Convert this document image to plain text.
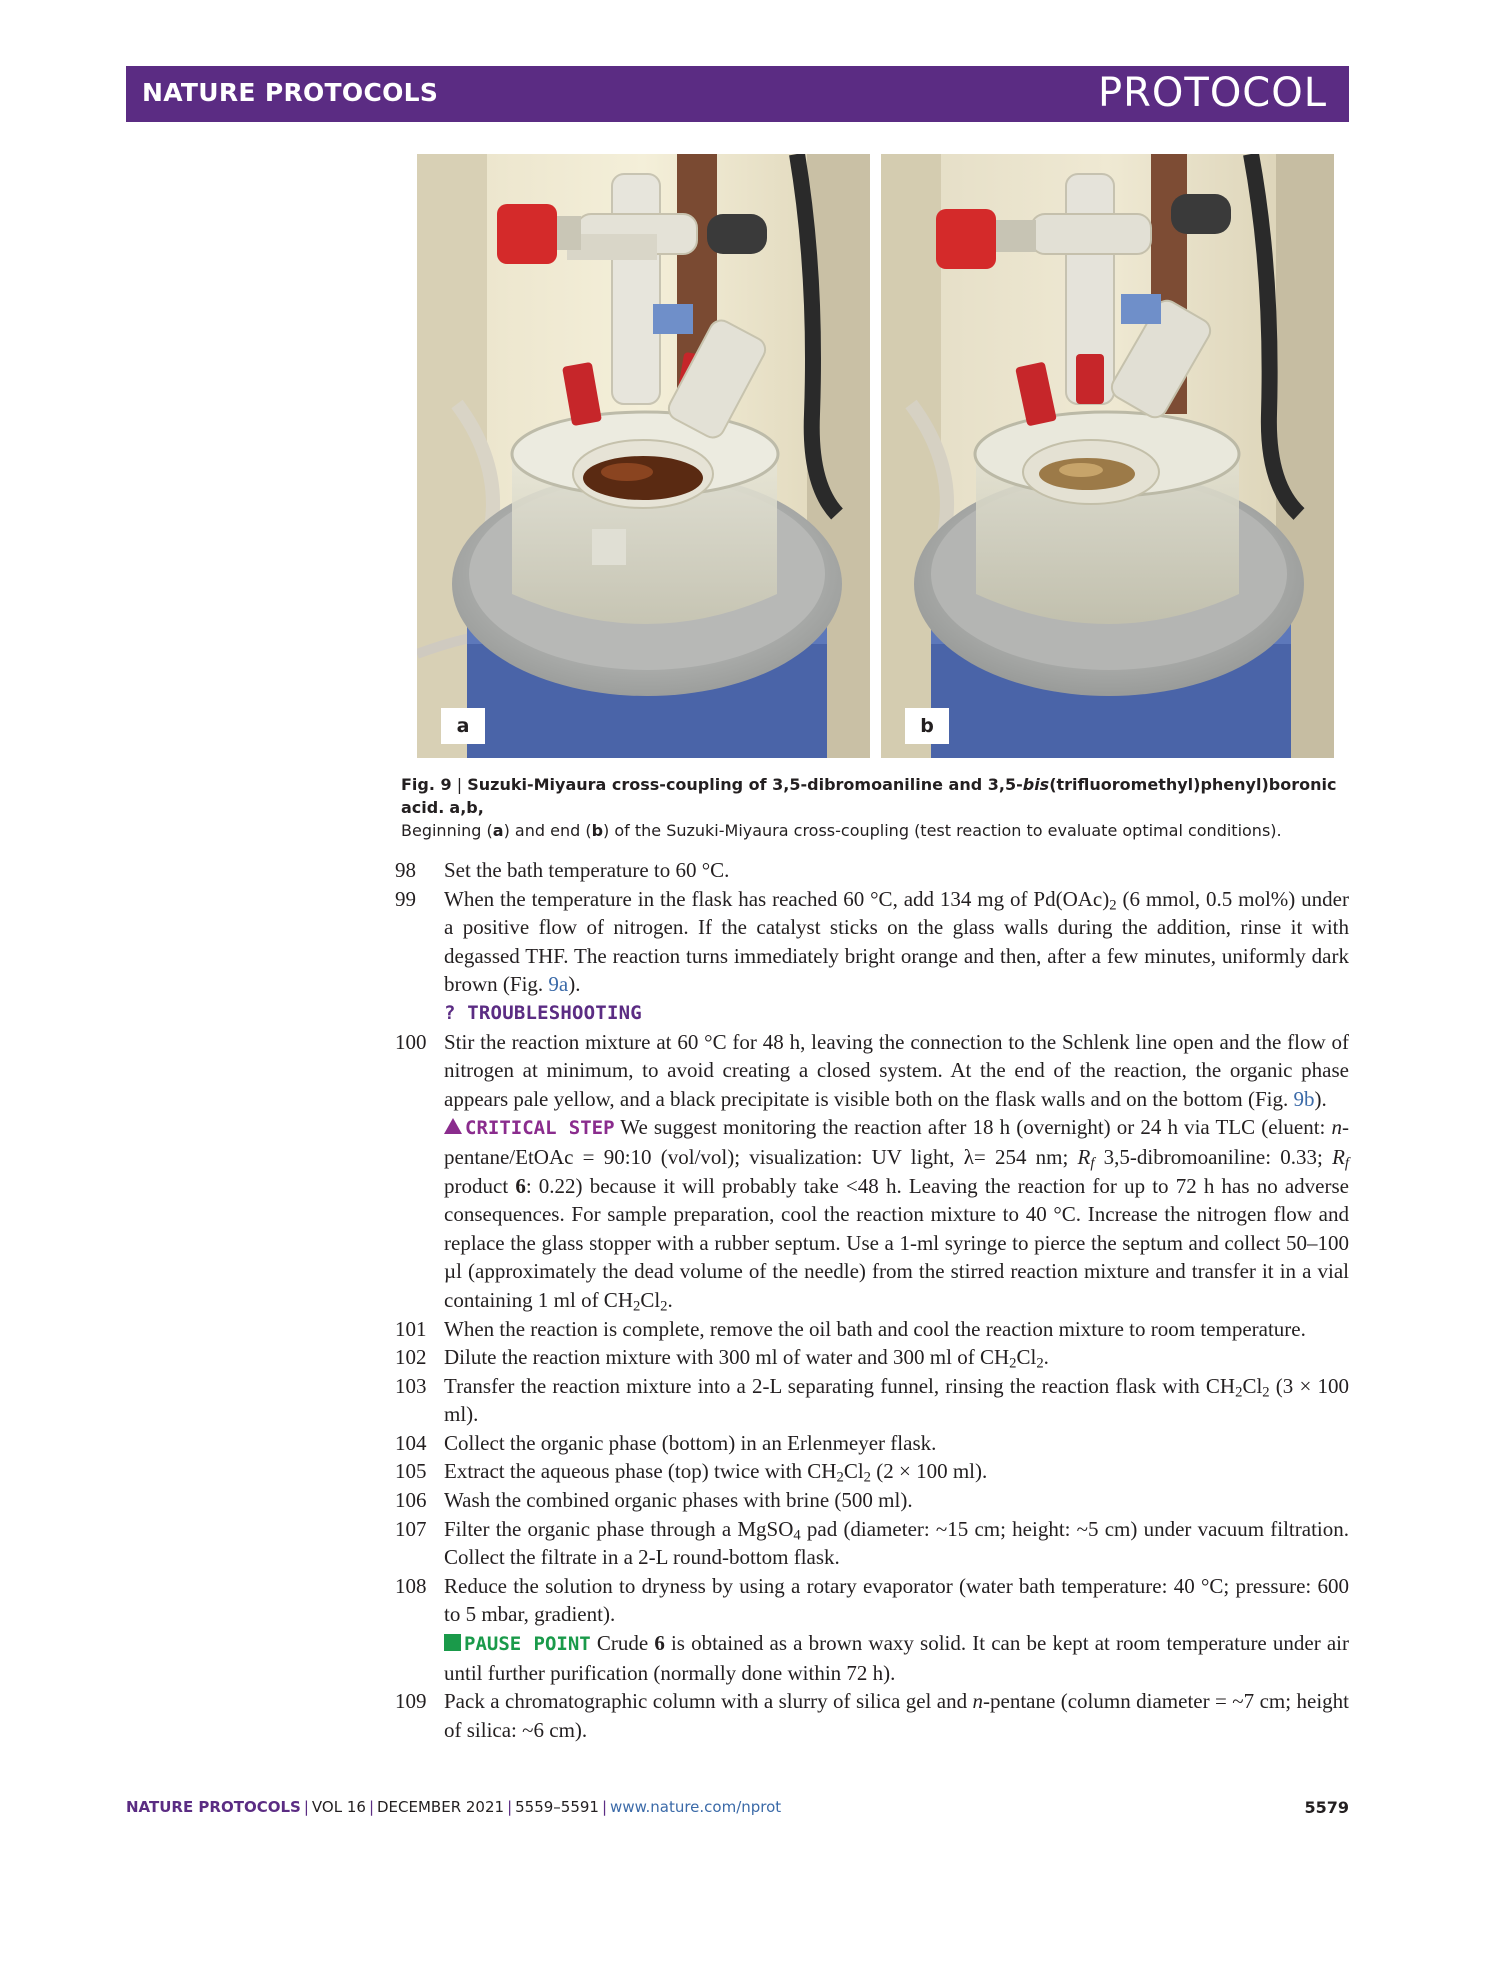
NATURE PROTOCOLS	PROTOCOL
a	b
Fig. 9 | Suzuki-Miyaura cross-coupling of 3,5-dibromoaniline and 3,5-bis(trifluoromethyl)phenyl)boronic acid. a,b,
Beginning (a) and end (b) of the Suzuki-Miyaura cross-coupling (test reaction to evaluate optimal conditions).
98	Set the bath temperature to 60 °C.
99	When the temperature in the flask has reached 60 °C, add 134 mg of $Pd(OAc)_2$ (6 mmol, 0.5 mol%) under a positive flow of nitrogen. If the catalyst sticks on the glass walls during the addition, rinse it with degassed THF. The reaction turns immediately bright orange and then, after a few minutes, uniformly dark brown (Fig. 9a).
? TROUBLESHOOTING
100 Stir the reaction mixture at 60 °C for 48 h, leaving the connection to the Schlenk line open and the flow of nitrogen at minimum, to avoid creating a closed system. At the end of the reaction, the organic phase appears pale yellow, and a black precipitate is visible both on the flask walls and on the bottom (Fig. 9b).
CRITICAL STEP We suggest monitoring the reaction after 18 h (overnight) or 24 h via TLC (eluent: n-pentane/EtOAc = 90:10 (vol/vol); visualization: UV light, λ= 254 nm; $R_f$ 3,5-dibromoaniline: 0.33; $R_f$ product 6: 0.22) because it will probably take <48 h. Leaving the reaction for up to 72 h has no adverse consequences. For sample preparation, cool the reaction mixture to 40 °C. Increase the nitrogen flow and replace the glass stopper with a rubber septum. Use a 1-ml syringe to pierce the septum and collect 50–100 µl (approximately the dead volume of the needle) from the stirred reaction mixture and transfer it in a vial containing 1 ml of $CH_2Cl_2$.
101 When the reaction is complete, remove the oil bath and cool the reaction mixture to room temperature.
102 Dilute the reaction mixture with 300 ml of water and 300 ml of $CH_2Cl_2$.
103 Transfer the reaction mixture into a 2-L separating funnel, rinsing the reaction flask with $CH_2Cl_2$ (3 × 100 ml).
104 Collect the organic phase (bottom) in an Erlenmeyer flask.
105 Extract the aqueous phase (top) twice with $CH_2Cl_2$ (2 × 100 ml).
106 Wash the combined organic phases with brine (500 ml).
107 Filter the organic phase through a MgSO$_4$ pad (diameter: ~15 cm; height: ~5 cm) under vacuum filtration. Collect the filtrate in a 2-L round-bottom flask.
108 Reduce the solution to dryness by using a rotary evaporator (water bath temperature: 40 °C; pressure: 600 to 5 mbar, gradient).
PAUSE POINT Crude 6 is obtained as a brown waxy solid. It can be kept at room temperature under air until further purification (normally done within 72 h).
109 Pack a chromatographic column with a slurry of silica gel and n-pentane (column diameter = ~7 cm; height of silica: ~6 cm).
NATURE PROTOCOLS | VOL 16 | DECEMBER 2021 | 5559–5591 | www.nature.com/nprot	5579
